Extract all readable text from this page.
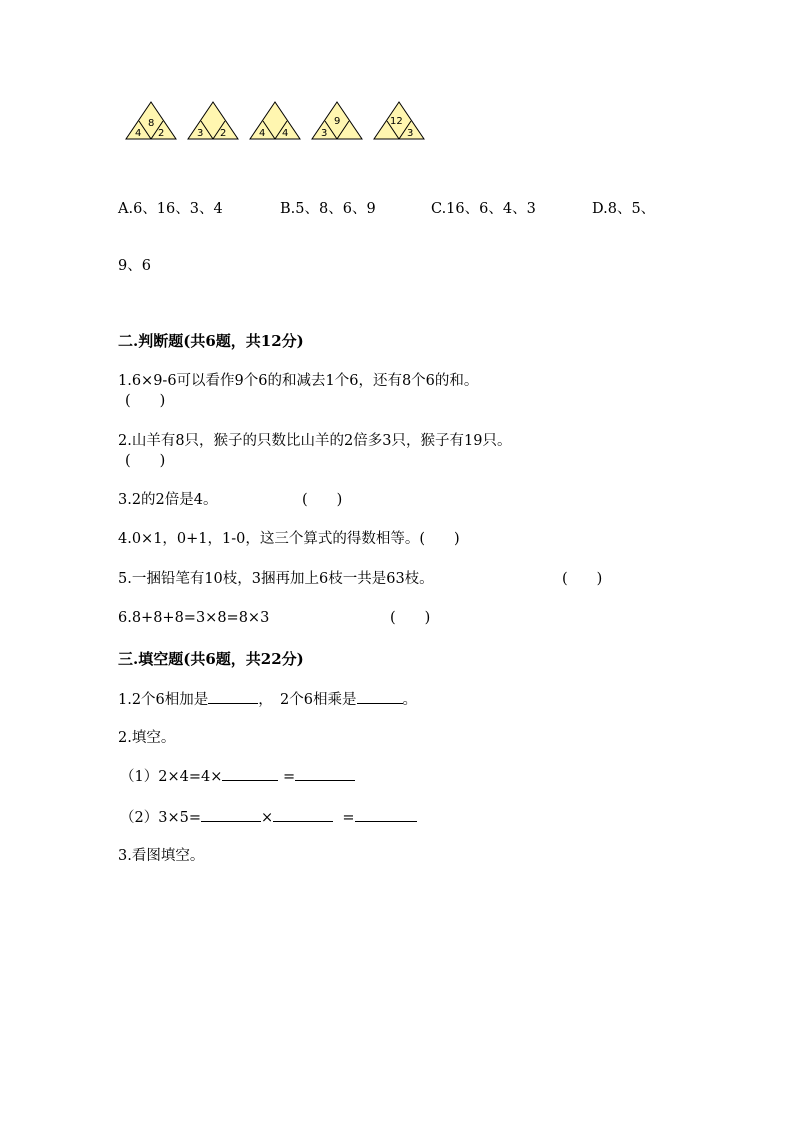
8
4 2	3 2	4 4
9
3
12
3
A.6、16、3、4	B.5、8、6、9	C.16、6、4、3	D.8、5、
9、6
二.判断题(共6题，共12分)
1.6×9-6可以看作9个6的和减去1个6，还有8个6的和。
(　　)
2.山羊有8只，猴子的只数比山羊的2倍多3只，猴子有19只。
(　　)
3.2的2倍是4。	(　　)
4.0×1，0+1，1-0，这三个算式的得数相等。(　　)
5.一捆铅笔有10枝，3捆再加上6枝一共是63枝。	(　　)
6.8+8+8=3×8=8×3	(　　)
三.填空题(共6题，共22分)
1.2个6相加是	，　2个6相乘是	。
2.填空。
（1）2×4=4×	=
（2）3×5=	×	=
3.看图填空。
